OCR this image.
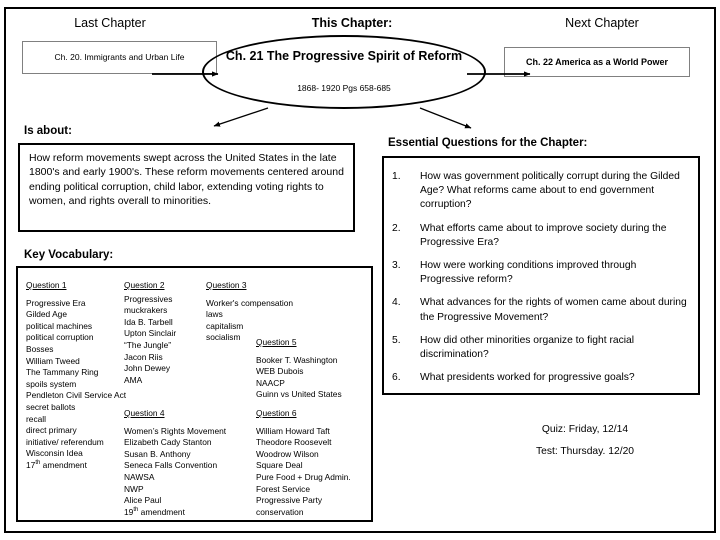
Last Chapter	This Chapter:	Next Chapter
Ch. 20. Immigrants and Urban Life	Ch. 22 America as a World Power
Ch. 21 The Progressive Spirit of Reform
1868- 1920 Pgs 658-685
Is about:
How reform movements swept across the United States in the late 1800's and early 1900's. These reform movements centered around ending political corruption, child labor, extending voting rights to women, and rights overall to minorities.
Key Vocabulary:
Question 1
Progressive Era
Gilded Age
political machines
political corruption
Bosses
William Tweed
The Tammany Ring
spoils system
Pendleton Civil Service Act
secret ballots
recall
direct primary
initiative/ referendum
Wisconsin Idea
17th amendment
Question 2
Progressives
muckrakers
Ida B. Tarbell
Upton Sinclair
“The Jungle”
Jacon Riis
John Dewey
AMA
Question 3
Worker's compensation
laws
capitalism
socialism	Question 5
Booker T. Washington
WEB Dubois
NAACP
Guinn vs United States
Question 4
Women’s Rights Movement
Elizabeth Cady Stanton
Susan B. Anthony
Seneca Falls Convention
NAWSA
NWP
Alice Paul
19th amendment
Question 6
William Howard Taft
Theodore Roosevelt
Woodrow Wilson
Square Deal
Pure Food + Drug Admin.
Forest Service
Progressive Party
conservation
Essential Questions for the Chapter:
1.	How was government politically corrupt during the Gilded Age? What reforms came about to end government corruption?
2.	What efforts came about to improve society during the Progressive Era?
3.	How were working conditions improved through Progressive reform?
4.	What advances for the rights of women came about during the Progressive Movement?
5.	How did other minorities organize to fight racial discrimination?
6.	What presidents worked for progressive goals?
Quiz: Friday, 12/14
Test: Thursday. 12/20
